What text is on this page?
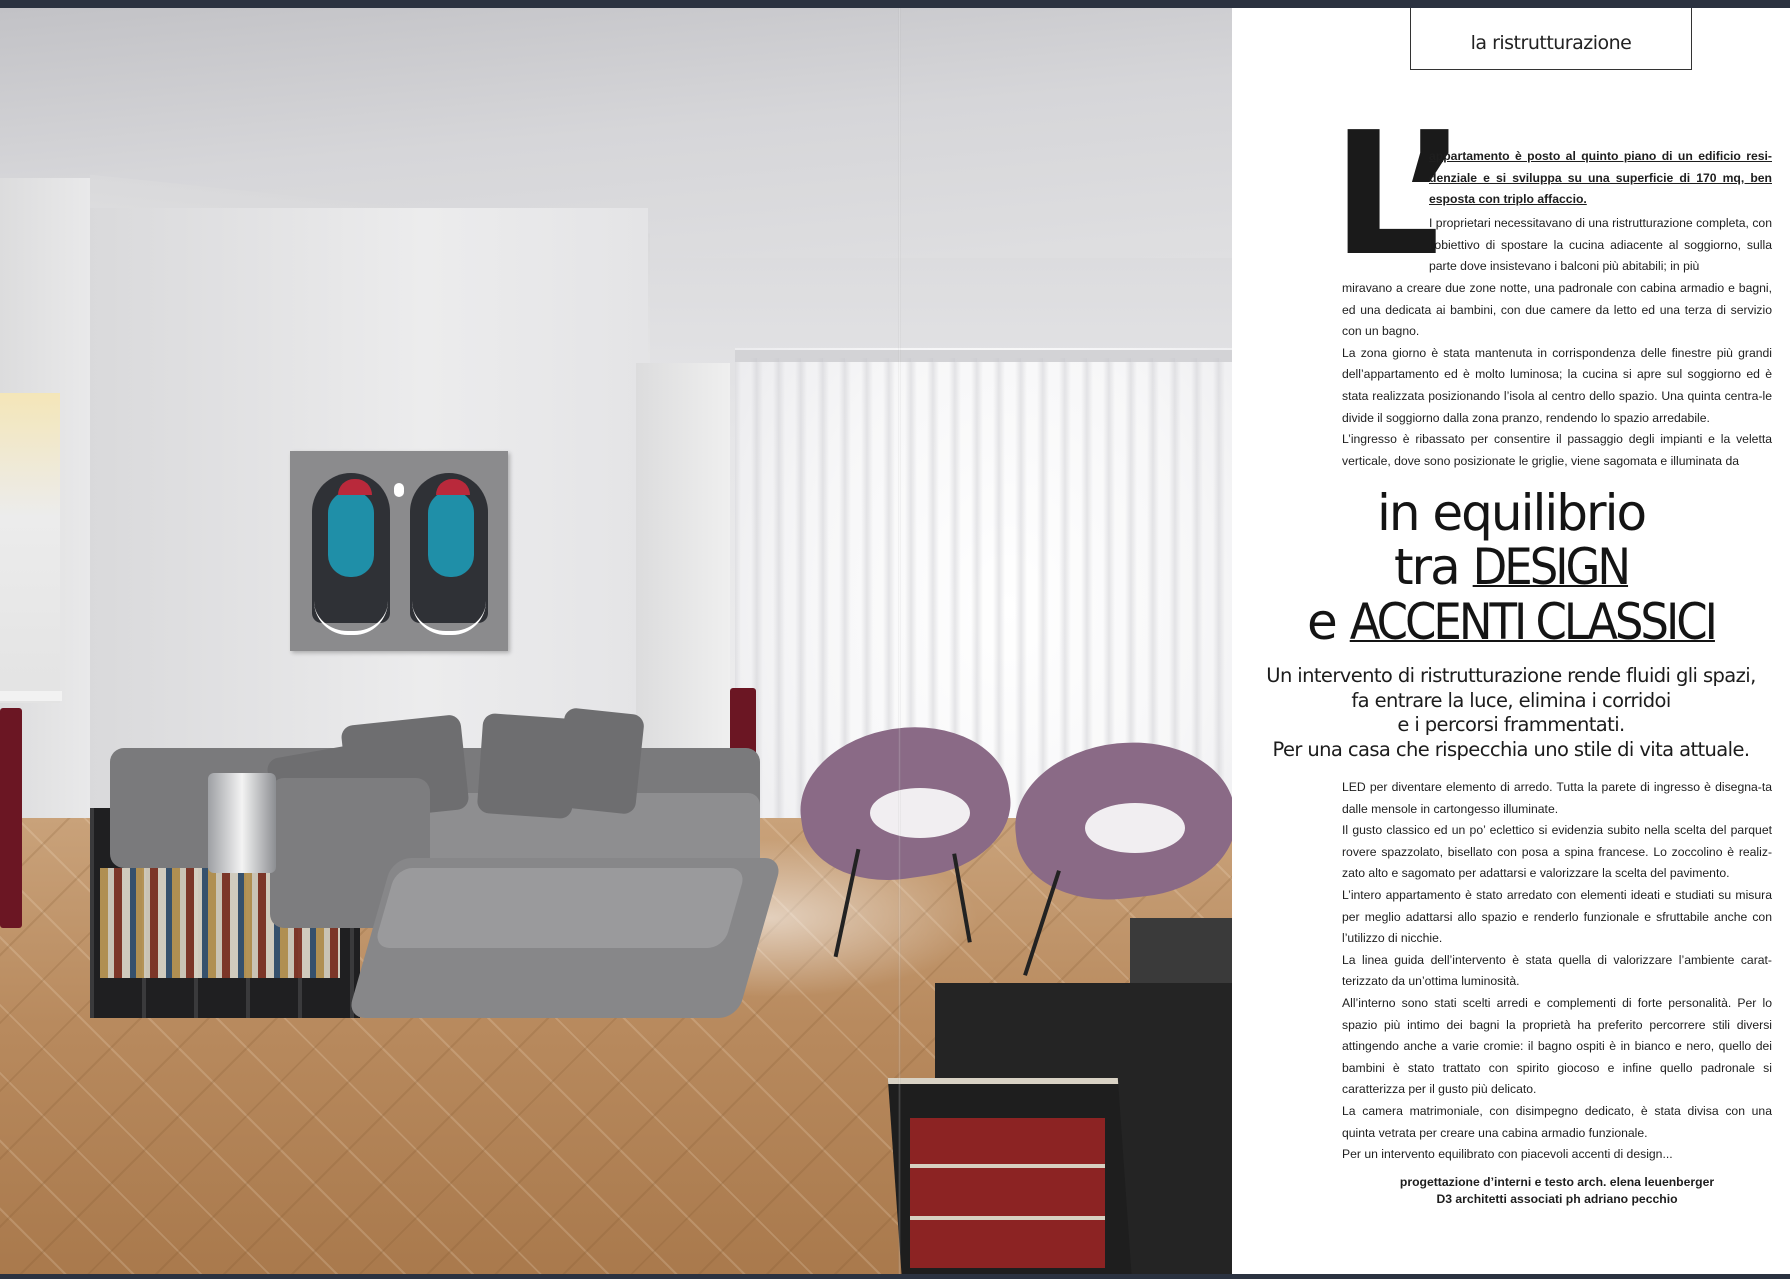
la ristrutturazione
L’
appartamento è posto al quinto piano di un edificio resi-denziale e si sviluppa su una superficie di 170 mq, ben esposta con triplo affaccio.

I proprietari necessitavano di una ristrutturazione completa, con l’obiettivo di spostare la cucina adiacente al soggiorno, sulla parte dove insistevano i balconi più abitabili; in più

miravano a creare due zone notte, una padronale con cabina armadio e bagni, ed una dedicata ai bambini, con due camere da letto ed una terza di servizio con un bagno.

La zona giorno è stata mantenuta in corrispondenza delle finestre più grandi dell’appartamento ed è molto luminosa; la cucina si apre sul soggiorno ed è stata realizzata posizionando l’isola al centro dello spazio. Una quinta centra-le divide il soggiorno dalla zona pranzo, rendendo lo spazio arredabile.

L’ingresso è ribassato per consentire il passaggio degli impianti e la veletta verticale, dove sono posizionate le griglie, viene sagomata e illuminata da

in equilibrio
tra DESIGN
e ACCENTI CLASSICI
Un intervento di ristrutturazione rende fluidi gli spazi,
fa entrare la luce, elimina i corridoi
e i percorsi frammentati.
Per una casa che rispecchia uno stile di vita attuale.

LED per diventare elemento di arredo. Tutta la parete di ingresso è disegna-ta dalle mensole in cartongesso illuminate.

Il gusto classico ed un po’ eclettico si evidenzia subito nella scelta del parquet rovere spazzolato, bisellato con posa a spina francese. Lo zoccolino è realiz-zato alto e sagomato per adattarsi e valorizzare la scelta del pavimento.

L’intero appartamento è stato arredato con elementi ideati e studiati su misura per meglio adattarsi allo spazio e renderlo funzionale e sfruttabile anche con l’utilizzo di nicchie.

La linea guida dell’intervento è stata quella di valorizzare l’ambiente carat-terizzato da un’ottima luminosità.

All’interno sono stati scelti arredi e complementi di forte personalità. Per lo spazio più intimo dei bagni la proprietà ha preferito percorrere stili diversi attingendo anche a varie cromie: il bagno ospiti è in bianco e nero, quello dei bambini è stato trattato con spirito giocoso e infine quello padronale si caratterizza per il gusto più delicato.

La camera matrimoniale, con disimpegno dedicato, è stata divisa con una quinta vetrata per creare una cabina armadio funzionale.

Per un intervento equilibrato con piacevoli accenti di design...

progettazione d’interni e testo arch. elena leuenberger
D3 architetti associati ph adriano pecchio
